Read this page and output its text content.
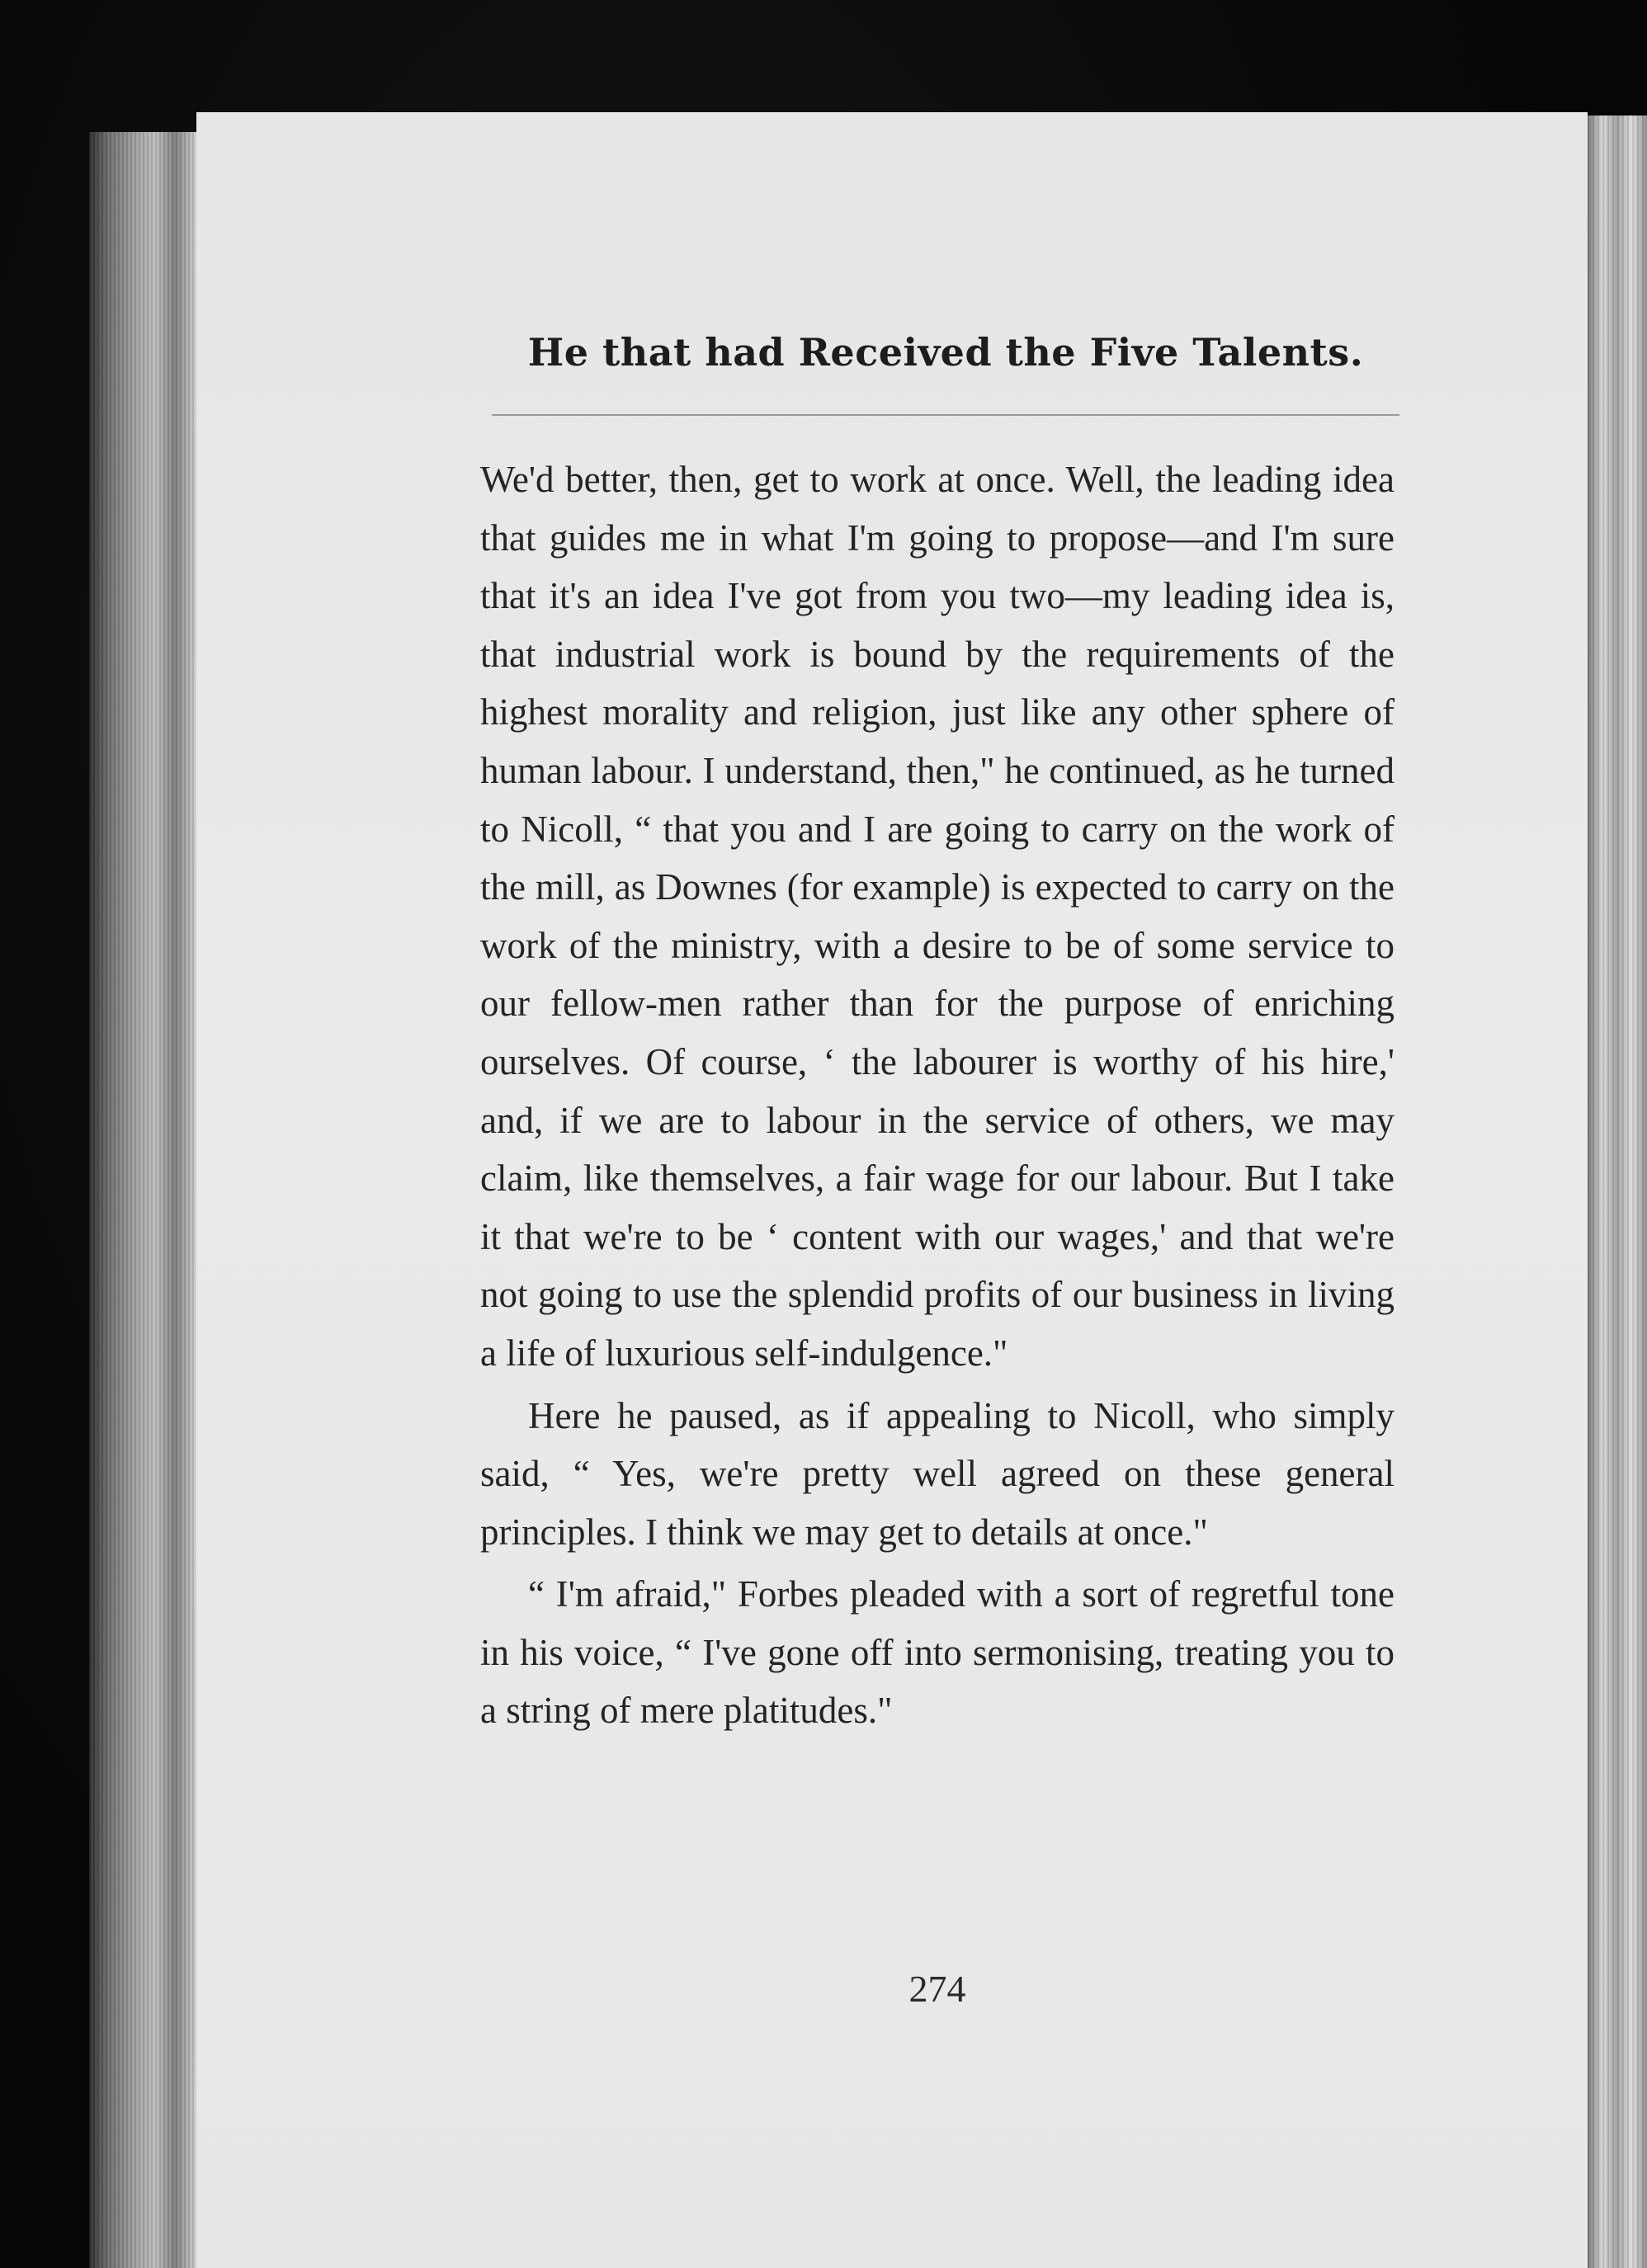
He that had Received the Five Talents.

We'd better, then, get to work at once. Well, the leading idea that guides me in what I'm going to propose—and I'm sure that it's an idea I've got from you two—my leading idea is, that industrial work is bound by the requirements of the highest morality and religion, just like any other sphere of human labour. I understand, then," he continued, as he turned to Nicoll, “ that you and I are going to carry on the work of the mill, as Downes (for example) is expected to carry on the work of the ministry, with a desire to be of some service to our fellow-men rather than for the purpose of enriching ourselves. Of course, ‘ the labourer is worthy of his hire,' and, if we are to labour in the service of others, we may claim, like themselves, a fair wage for our labour. But I take it that we're to be ‘ content with our wages,' and that we're not going to use the splendid profits of our business in living a life of luxurious self-indulgence."

Here he paused, as if appealing to Nicoll, who simply said, “ Yes, we're pretty well agreed on these general principles. I think we may get to details at once."

“ I'm afraid," Forbes pleaded with a sort of regretful tone in his voice, “ I've gone off into sermonising, treating you to a string of mere platitudes."

274
